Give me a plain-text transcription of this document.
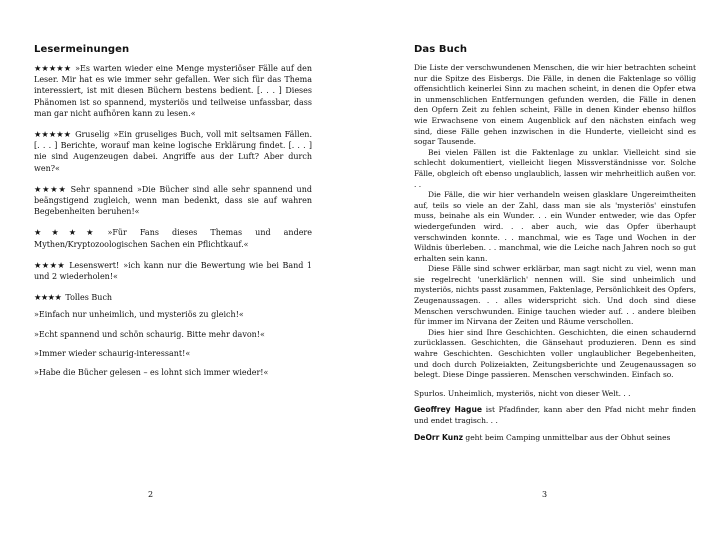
Lesermeinungen

★★★★★ »Es warten wieder eine Menge mysteriöser Fälle auf den Leser. Mir hat es wie immer sehr gefallen. Wer sich für das Thema interessiert, ist mit diesen Büchern bestens bedient. [. . . ] Dieses Phänomen ist so spannend, mysteriös und teilweise unfassbar, dass man gar nicht aufhören kann zu lesen.«

★★★★★ Gruselig »Ein gruseliges Buch, voll mit seltsamen Fällen. [. . . ] Berichte, worauf man keine logische Erklärung findet. [. . . ] nie sind Augenzeugen dabei. Angriffe aus der Luft? Aber durch wen?«

★★★★ Sehr spannend »Die Bücher sind alle sehr spannend und beängstigend zugleich, wenn man bedenkt, dass sie auf wahren Begebenheiten beruhen!«

★★★★ »Für Fans dieses Themas und andere Mythen/Kryptozoologischen Sachen ein Pflichtkauf.«

★★★★ Lesenswert! »ich kann nur die Bewertung wie bei Band 1 und 2 wiederholen!«

★★★★ Tolles Buch

»Einfach nur unheimlich, und mysteriös zu gleich!«

»Echt spannend und schön schaurig. Bitte mehr davon!«

»Immer wieder schaurig-interessant!«

»Habe die Bücher gelesen – es lohnt sich immer wieder!«

2
Das Buch

Die Liste der verschwundenen Menschen, die wir hier betrachten scheint nur die Spitze des Eisbergs. Die Fälle, in denen die Faktenlage so völlig offensichtlich keinerlei Sinn zu machen scheint, in denen die Opfer etwa in unmenschlichen Entfernungen gefunden werden, die Fälle in denen den Opfern Zeit zu fehlen scheint, Fälle in denen Kinder ebenso hilflos wie Erwachsene von einem Augenblick auf den nächsten einfach weg sind, diese Fälle gehen inzwischen in die Hunderte, vielleicht sind es sogar Tausende.

Bei vielen Fällen ist die Faktenlage zu unklar. Vielleicht sind sie schlecht dokumentiert, vielleicht liegen Missverständnisse vor. Solche Fälle, obgleich oft ebenso unglaublich, lassen wir mehrheitlich außen vor. . .

Die Fälle, die wir hier verhandeln weisen glasklare Ungereimtheiten auf, teils so viele an der Zahl, dass man sie als 'mysteriös' einstufen muss, beinahe als ein Wunder. . . ein Wunder entweder, wie das Opfer wiedergefunden wird. . . aber auch, wie das Opfer überhaupt verschwinden konnte. . . manchmal, wie es Tage und Wochen in der Wildnis überleben. . . manchmal, wie die Leiche nach Jahren noch so gut erhalten sein kann.

Diese Fälle sind schwer erklärbar, man sagt nicht zu viel, wenn man sie regelrecht 'unerklärlich' nennen will. Sie sind unheimlich und mysteriös, nichts passt zusammen, Faktenlage, Persönlichkeit des Opfers, Zeugenaussagen. . . alles widerspricht sich. Und doch sind diese Menschen verschwunden. Einige tauchen wieder auf. . . andere bleiben für immer im Nirvana der Zeiten und Räume verschollen.

Dies hier sind Ihre Geschichten. Geschichten, die einen schaudernd zurücklassen. Geschichten, die Gänsehaut produzieren. Denn es sind wahre Geschichten. Geschichten voller unglaublicher Begebenheiten, und doch durch Polizeiakten, Zeitungsberichte und Zeugenaussagen so belegt. Diese Dinge passieren. Menschen verschwinden. Einfach so.

Spurlos. Unheimlich, mysteriös, nicht von dieser Welt. . .

Geoffrey Hague ist Pfadfinder, kann aber den Pfad nicht mehr finden und endet tragisch. . .

DeOrr Kunz geht beim Camping unmittelbar aus der Obhut seines

3
